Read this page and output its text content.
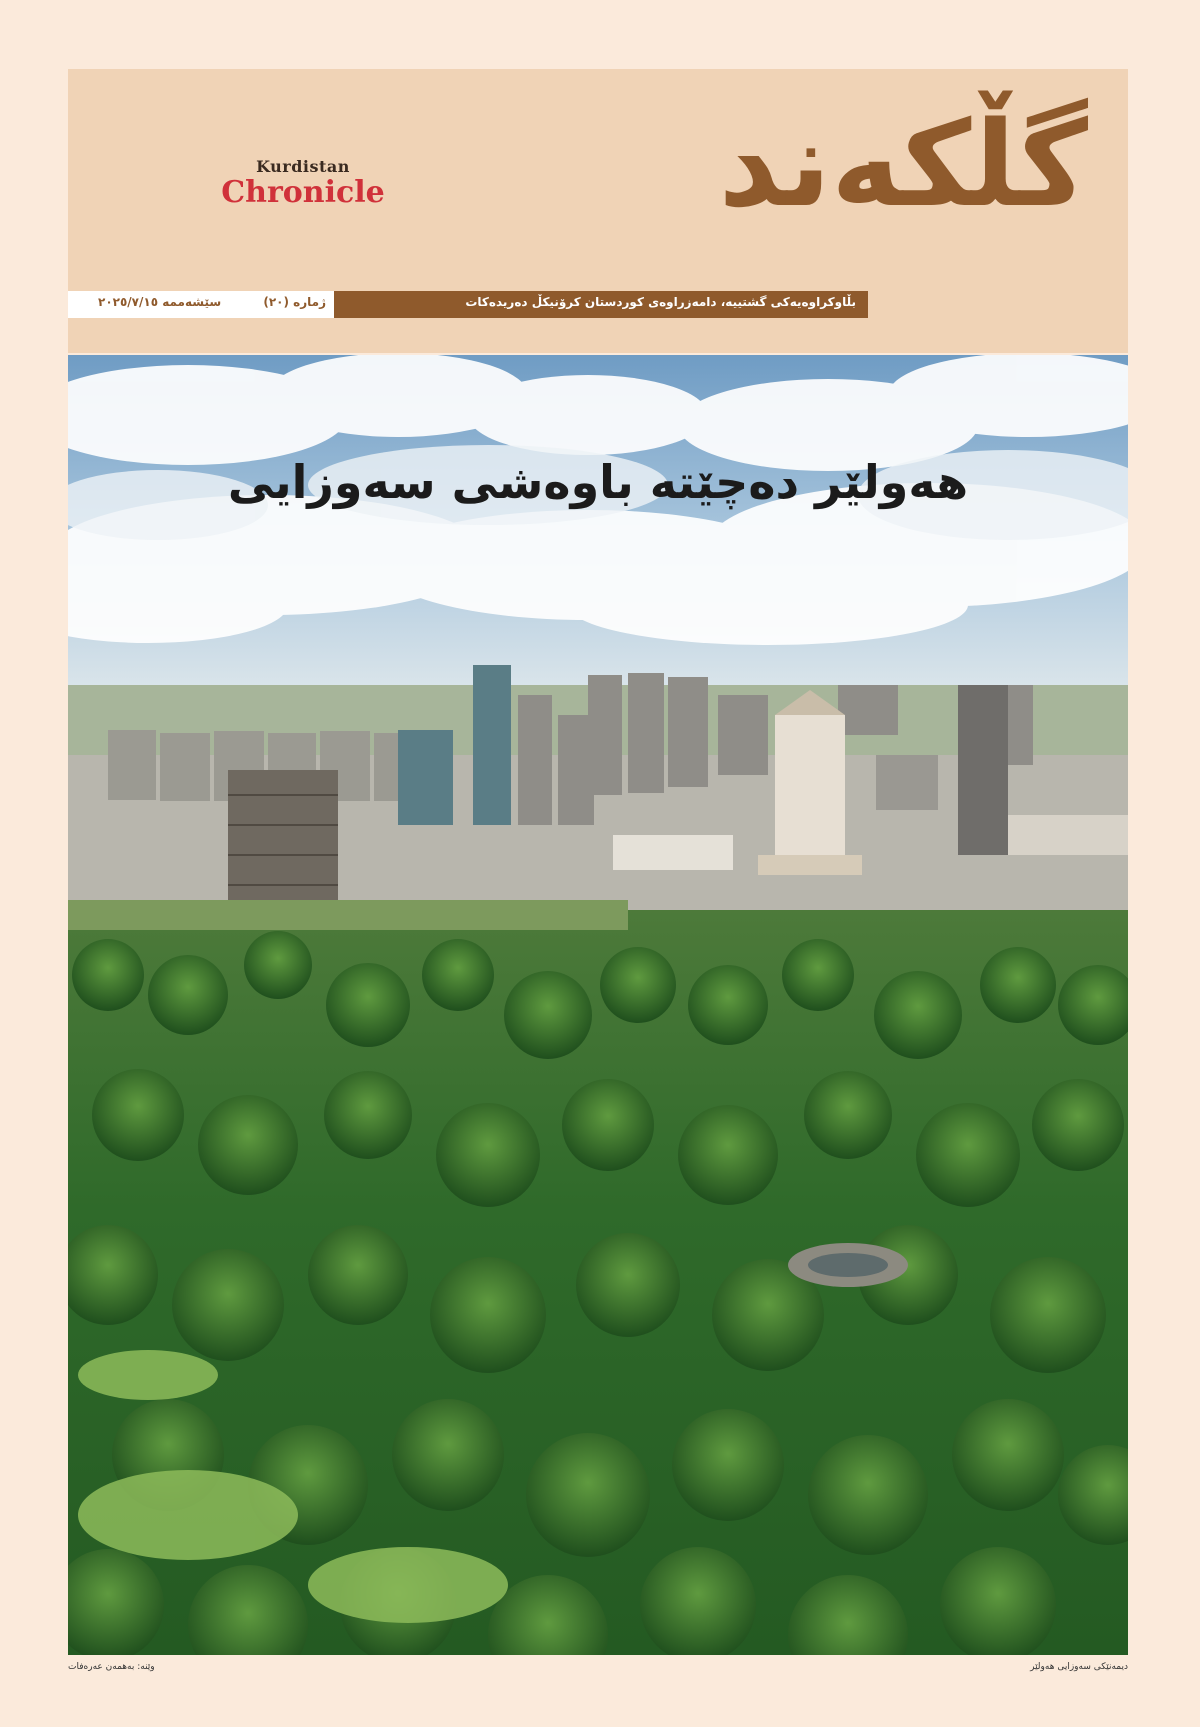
گڵکەند
Kurdistan
Chronicle
ژمارە (٢٠)
سێشەممە ٢٠٢٥/٧/١٥	بڵاوكراوەيەكی گشتييە، دامەزراوەی كوردستان كرۆنيكڵ دەريدەكات
هەولێر دەچێتە باوەشی سەوزایی
دیمەنێکی سەوزایی هەولێر
وێنە: بەهمەن عەرەفات
